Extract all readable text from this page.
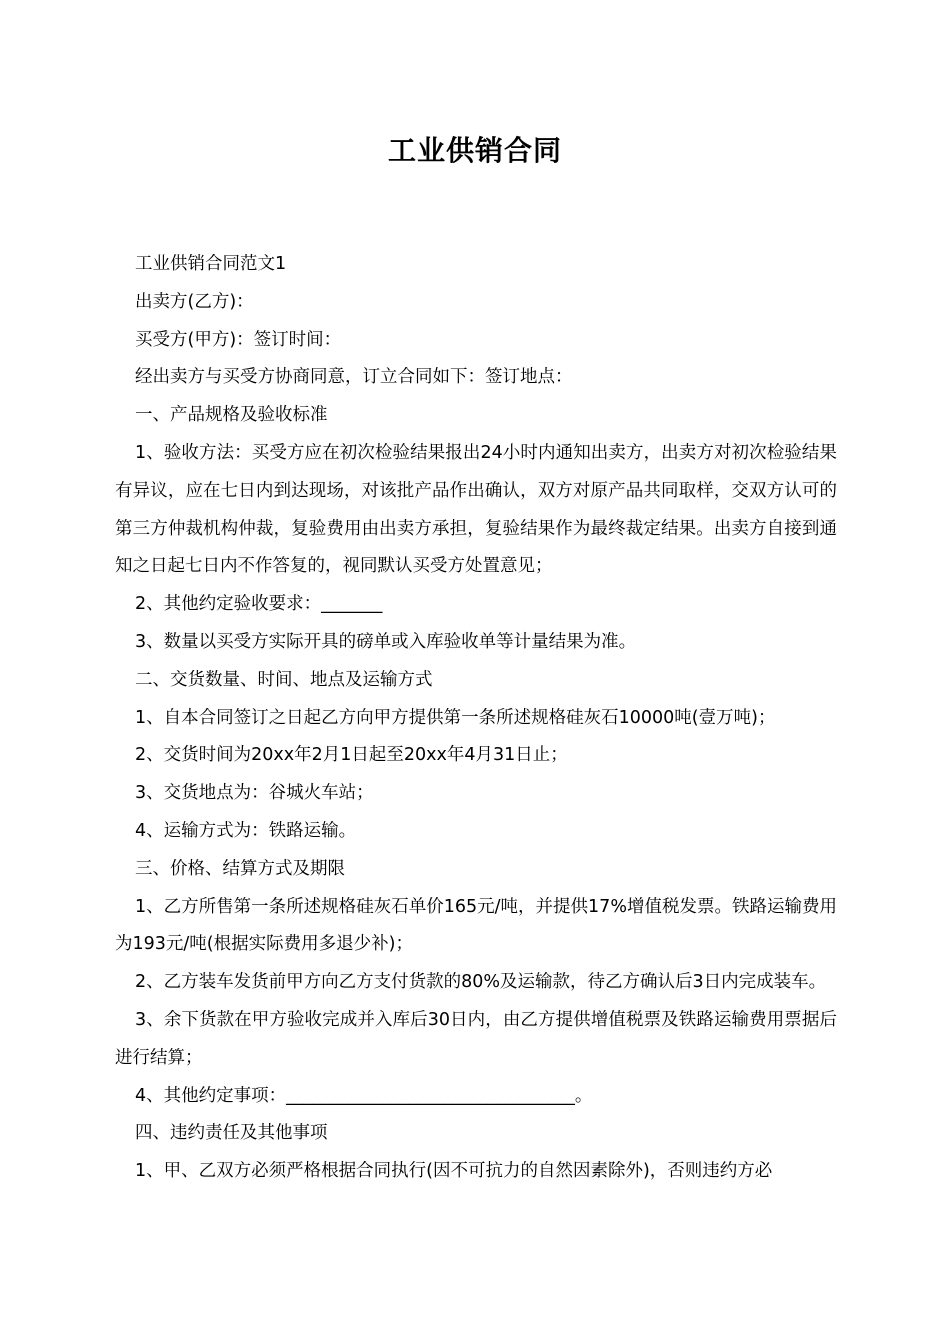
工业供销合同

工业供销合同范文1

出卖方(乙方)：

买受方(甲方)：签订时间：

经出卖方与买受方协商同意，订立合同如下：签订地点：

一、产品规格及验收标准

1、验收方法：买受方应在初次检验结果报出24小时内通知出卖方，出卖方对初次检验结果有异议，应在七日内到达现场，对该批产品作出确认，双方对原产品共同取样，交双方认可的第三方仲裁机构仲裁，复验费用由出卖方承担，复验结果作为最终裁定结果。出卖方自接到通知之日起七日内不作答复的，视同默认买受方处置意见；

2、其他约定验收要求：_______

3、数量以买受方实际开具的磅单或入库验收单等计量结果为准。

二、交货数量、时间、地点及运输方式

1、自本合同签订之日起乙方向甲方提供第一条所述规格硅灰石10000吨(壹万吨)；

2、交货时间为20xx年2月1日起至20xx年4月31日止；

3、交货地点为：谷城火车站；

4、运输方式为：铁路运输。

三、价格、结算方式及期限

1、乙方所售第一条所述规格硅灰石单价165元/吨，并提供17%增值税发票。铁路运输费用为193元/吨(根据实际费用多退少补)；

2、乙方装车发货前甲方向乙方支付货款的80%及运输款，待乙方确认后3日内完成装车。

3、余下货款在甲方验收完成并入库后30日内，由乙方提供增值税票及铁路运输费用票据后进行结算；

4、其他约定事项：_________________________________。

四、违约责任及其他事项

1、甲、乙双方必须严格根据合同执行(因不可抗力的自然因素除外)，否则违约方必
